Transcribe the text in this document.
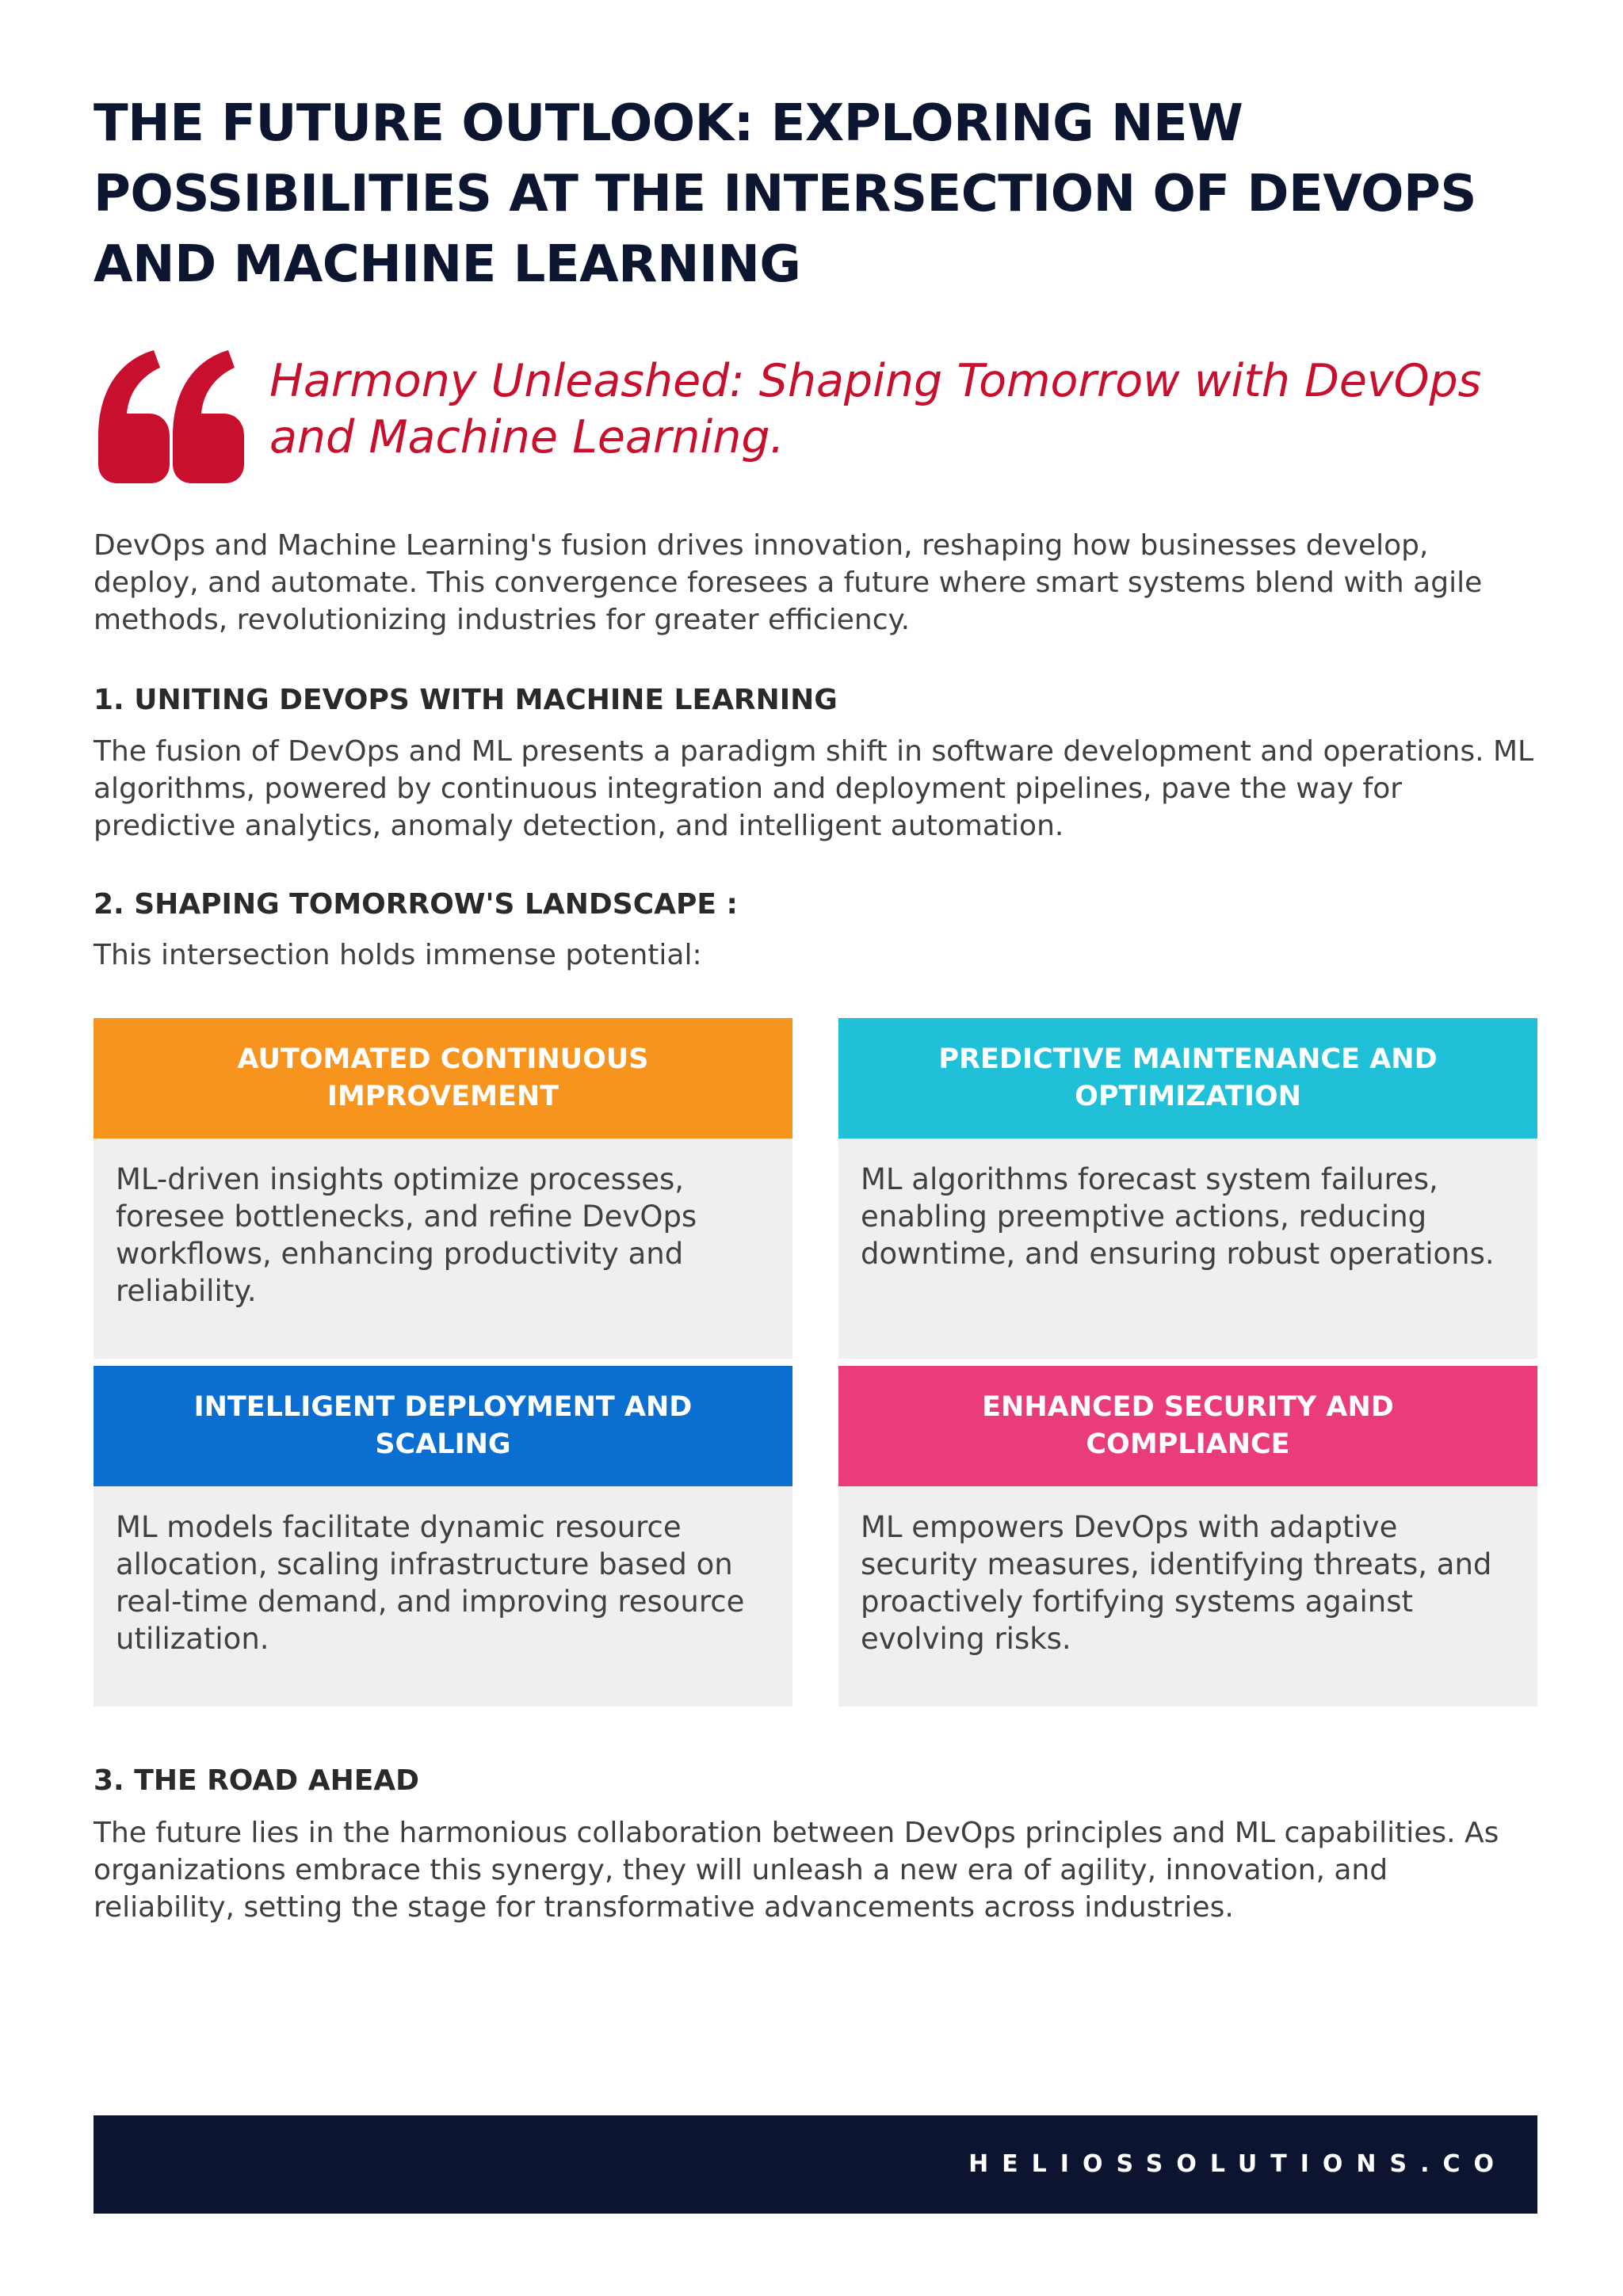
THE FUTURE OUTLOOK: EXPLORING NEW POSSIBILITIES AT THE INTERSECTION OF DEVOPS AND MACHINE LEARNING

Harmony Unleashed: Shaping Tomorrow with DevOps and Machine Learning.

DevOps and Machine Learning's fusion drives innovation, reshaping how businesses develop, deploy, and automate. This convergence foresees a future where smart systems blend with agile methods, revolutionizing industries for greater efficiency.

1. UNITING DEVOPS WITH MACHINE LEARNING

The fusion of DevOps and ML presents a paradigm shift in software development and operations. ML algorithms, powered by continuous integration and deployment pipelines, pave the way for predictive analytics, anomaly detection, and intelligent automation.

2. SHAPING TOMORROW'S LANDSCAPE :

This intersection holds immense potential:

AUTOMATED CONTINUOUS IMPROVEMENT

ML-driven insights optimize processes, foresee bottlenecks, and refine DevOps workflows, enhancing productivity and reliability.

PREDICTIVE MAINTENANCE AND OPTIMIZATION

ML algorithms forecast system failures, enabling preemptive actions, reducing downtime, and ensuring robust operations.

INTELLIGENT DEPLOYMENT AND SCALING

ML models facilitate dynamic resource allocation, scaling infrastructure based on real-time demand, and improving resource utilization.

ENHANCED SECURITY AND COMPLIANCE

ML empowers DevOps with adaptive security measures, identifying threats, and proactively fortifying systems against evolving risks.

3. THE ROAD AHEAD

The future lies in the harmonious collaboration between DevOps principles and ML capabilities. As organizations embrace this synergy, they will unleash a new era of agility, innovation, and reliability, setting the stage for transformative advancements across industries.

HELIOSSOLUTIONS.CO
